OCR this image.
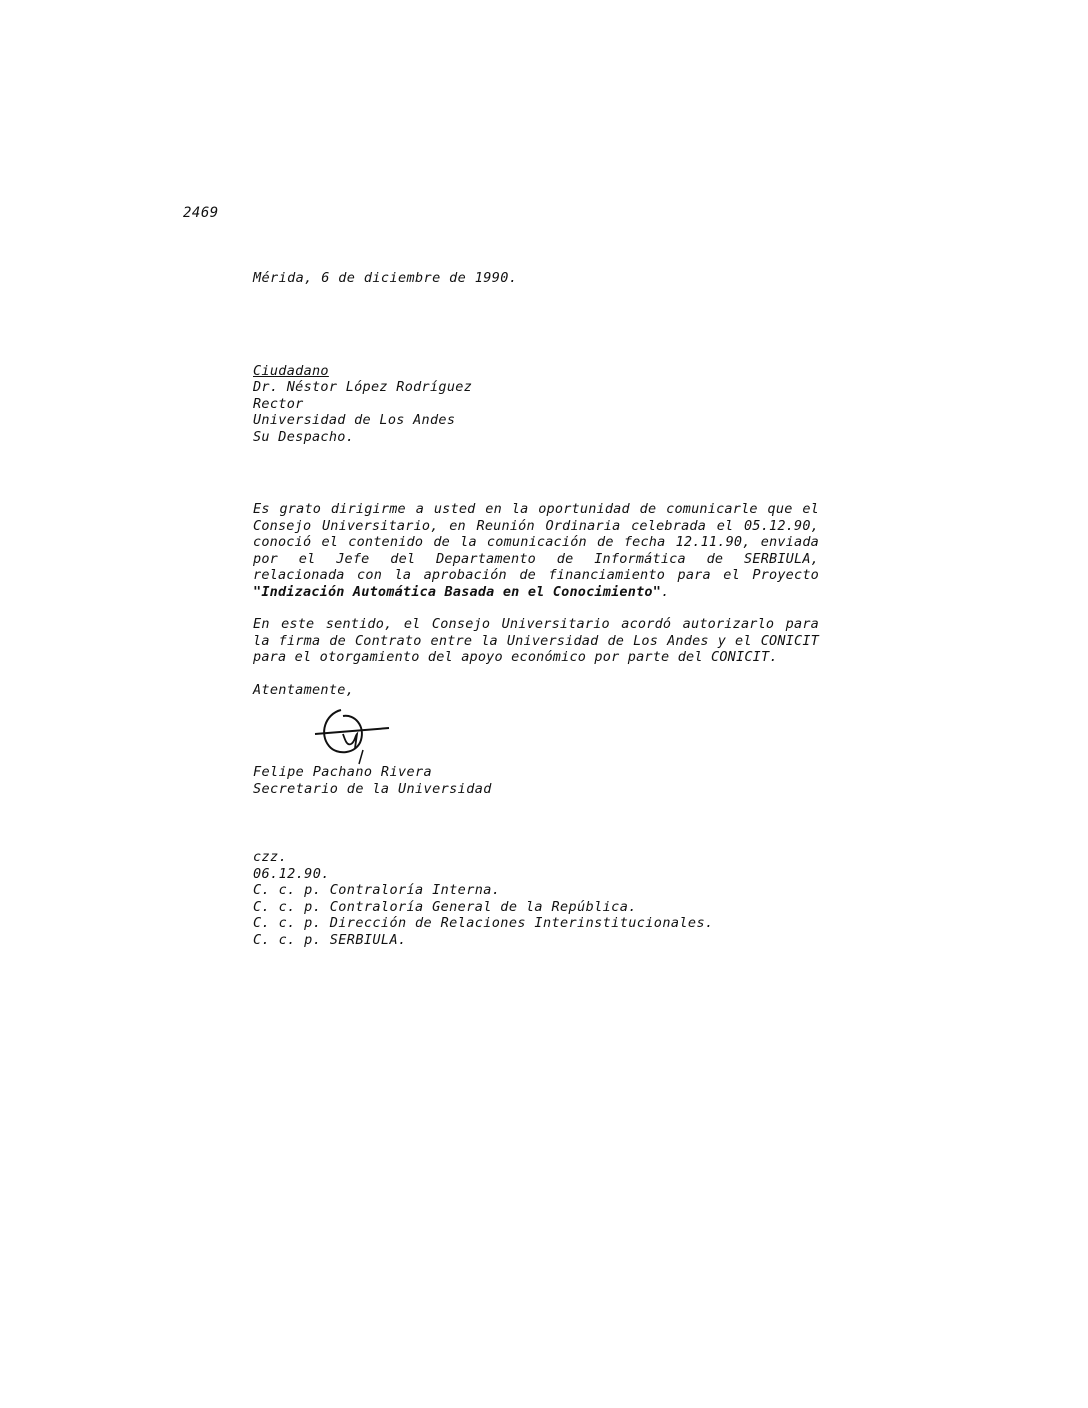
2469

Mérida, 6 de diciembre de 1990.

Ciudadano
Dr. Néstor López Rodríguez
Rector
Universidad de Los Andes
Su Despacho.

Es grato dirigirme a usted en la oportunidad de comunicarle que el Consejo Universitario, en Reunión Ordinaria celebrada el 05.12.90, conoció el contenido de la comunicación de fecha 12.11.90, enviada por el Jefe del Departamento de Informática de SERBIULA, relacionada con la aprobación de financiamiento para el Proyecto "Indización Automática Basada en el Conocimiento".

En este sentido, el Consejo Universitario acordó autorizarlo para la firma de Contrato entre la Universidad de Los Andes y el CONICIT para el otorgamiento del apoyo económico por parte del CONICIT.

Atentamente,
Felipe Pachano Rivera
Secretario de la Universidad
czz.
06.12.90.
C. c. p. Contraloría Interna.
C. c. p. Contraloría General de la República.
C. c. p. Dirección de Relaciones Interinstitucionales.
C. c. p. SERBIULA.
